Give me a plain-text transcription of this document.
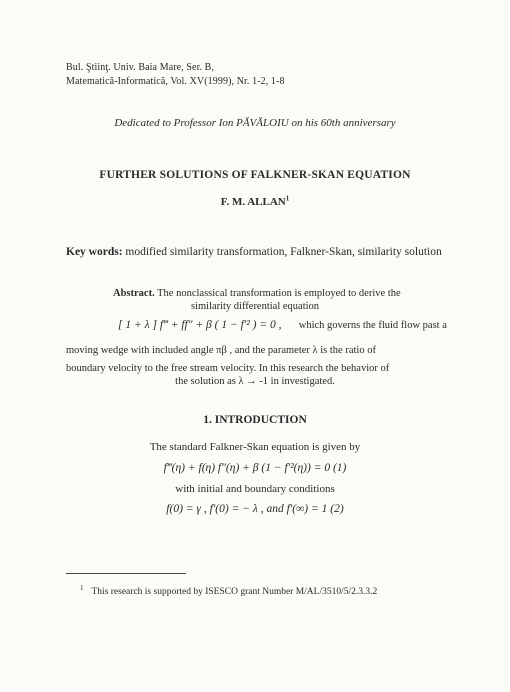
Bul. Ştiinţ. Univ. Baia Mare, Ser. B,
Matematică-Informatică, Vol. XV(1999), Nr. 1-2, 1-8
Dedicated to Professor Ion PĂVĂLOIU on his 60th anniversary
FURTHER SOLUTIONS OF FALKNER-SKAN EQUATION
F. M. ALLAN$^1$
Key words: modified similarity transformation, Falkner-Skan, similarity solution
Abstract. The nonclassical transformation is employed to derive the
similarity differential equation
[ 1 + λ ] f‴ + ff″ + β ( 1 − f′² ) = 0 , which governs the fluid flow past a
moving wedge with included angle πβ , and the parameter λ is the ratio of
boundary velocity to the free stream velocity. In this research the behavior of
the solution as λ → -1 in investigated.
1. INTRODUCTION
The standard Falkner-Skan equation is given by
f‴(η) + f(η) f″(η) + β (1 − f′²(η)) = 0 (1)
with initial and boundary conditions
f(0) = γ , f′(0) = − λ , and f′(∞) = 1 (2)
$^1$ This research is supported by ISESCO grant Number M/AL/3510/5/2.3.3.2
